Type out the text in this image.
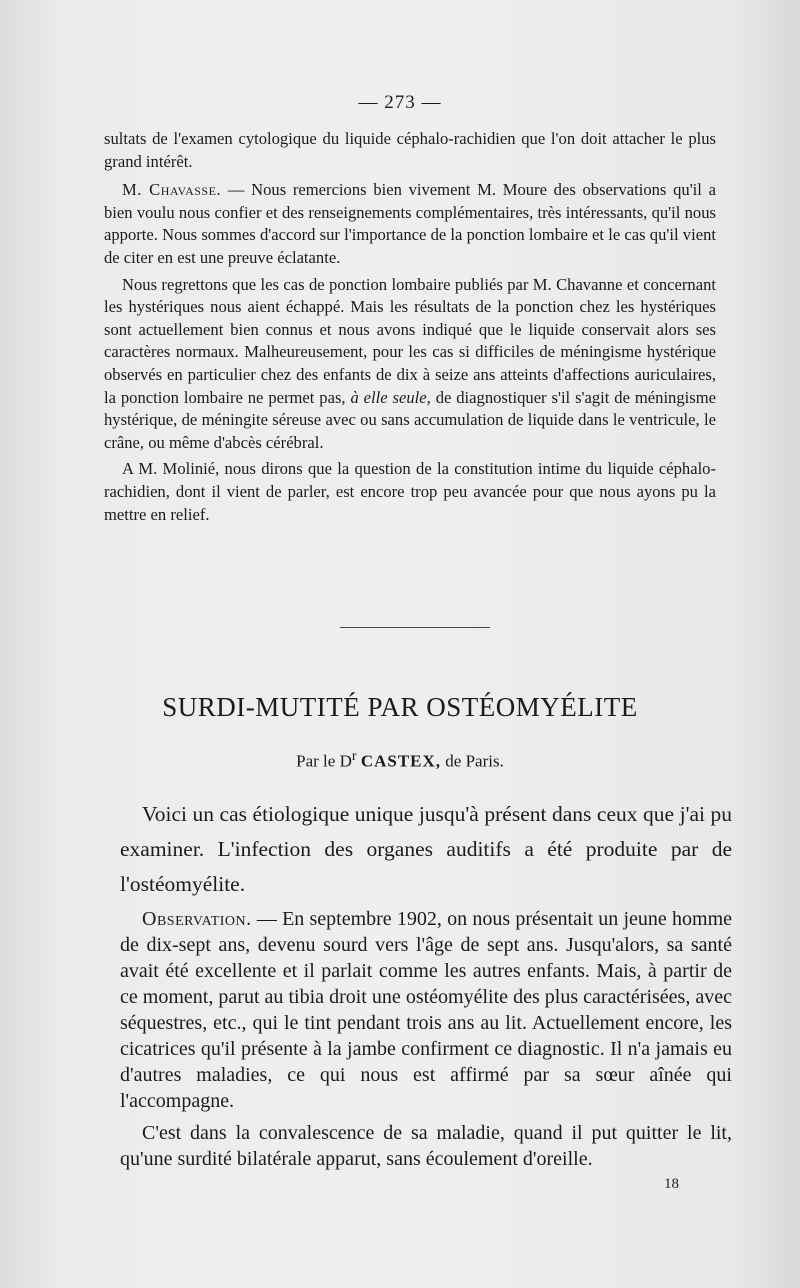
— 273 —

sultats de l'examen cytologique du liquide céphalo-rachidien que l'on doit attacher le plus grand intérêt.

M. Chavasse. — Nous remercions bien vivement M. Moure des observations qu'il a bien voulu nous confier et des renseignements complémentaires, très intéressants, qu'il nous apporte. Nous sommes d'accord sur l'importance de la ponction lombaire et le cas qu'il vient de citer en est une preuve éclatante.

Nous regrettons que les cas de ponction lombaire publiés par M. Chavanne et concernant les hystériques nous aient échappé. Mais les résultats de la ponction chez les hystériques sont actuellement bien connus et nous avons indiqué que le liquide conservait alors ses caractères normaux. Malheureusement, pour les cas si difficiles de méningisme hystérique observés en particulier chez des enfants de dix à seize ans atteints d'affections auriculaires, la ponction lombaire ne permet pas, à elle seule, de diagnostiquer s'il s'agit de méningisme hystérique, de méningite séreuse avec ou sans accumulation de liquide dans le ventricule, le crâne, ou même d'abcès cérébral.

A M. Molinié, nous dirons que la question de la constitution intime du liquide céphalo-rachidien, dont il vient de parler, est encore trop peu avancée pour que nous ayons pu la mettre en relief.

SURDI-MUTITÉ PAR OSTÉOMYÉLITE
Par le $D^r$ CASTEX, de Paris.

Voici un cas étiologique unique jusqu'à présent dans ceux que j'ai pu examiner. L'infection des organes auditifs a été produite par de l'ostéomyélite.

Observation. — En septembre 1902, on nous présentait un jeune homme de dix-sept ans, devenu sourd vers l'âge de sept ans. Jusqu'alors, sa santé avait été excellente et il parlait comme les autres enfants. Mais, à partir de ce moment, parut au tibia droit une ostéomyélite des plus caractérisées, avec séquestres, etc., qui le tint pendant trois ans au lit. Actuellement encore, les cicatrices qu'il présente à la jambe confirment ce diagnostic. Il n'a jamais eu d'autres maladies, ce qui nous est affirmé par sa sœur aînée qui l'accompagne.

C'est dans la convalescence de sa maladie, quand il put quitter le lit, qu'une surdité bilatérale apparut, sans écoulement d'oreille.

18
